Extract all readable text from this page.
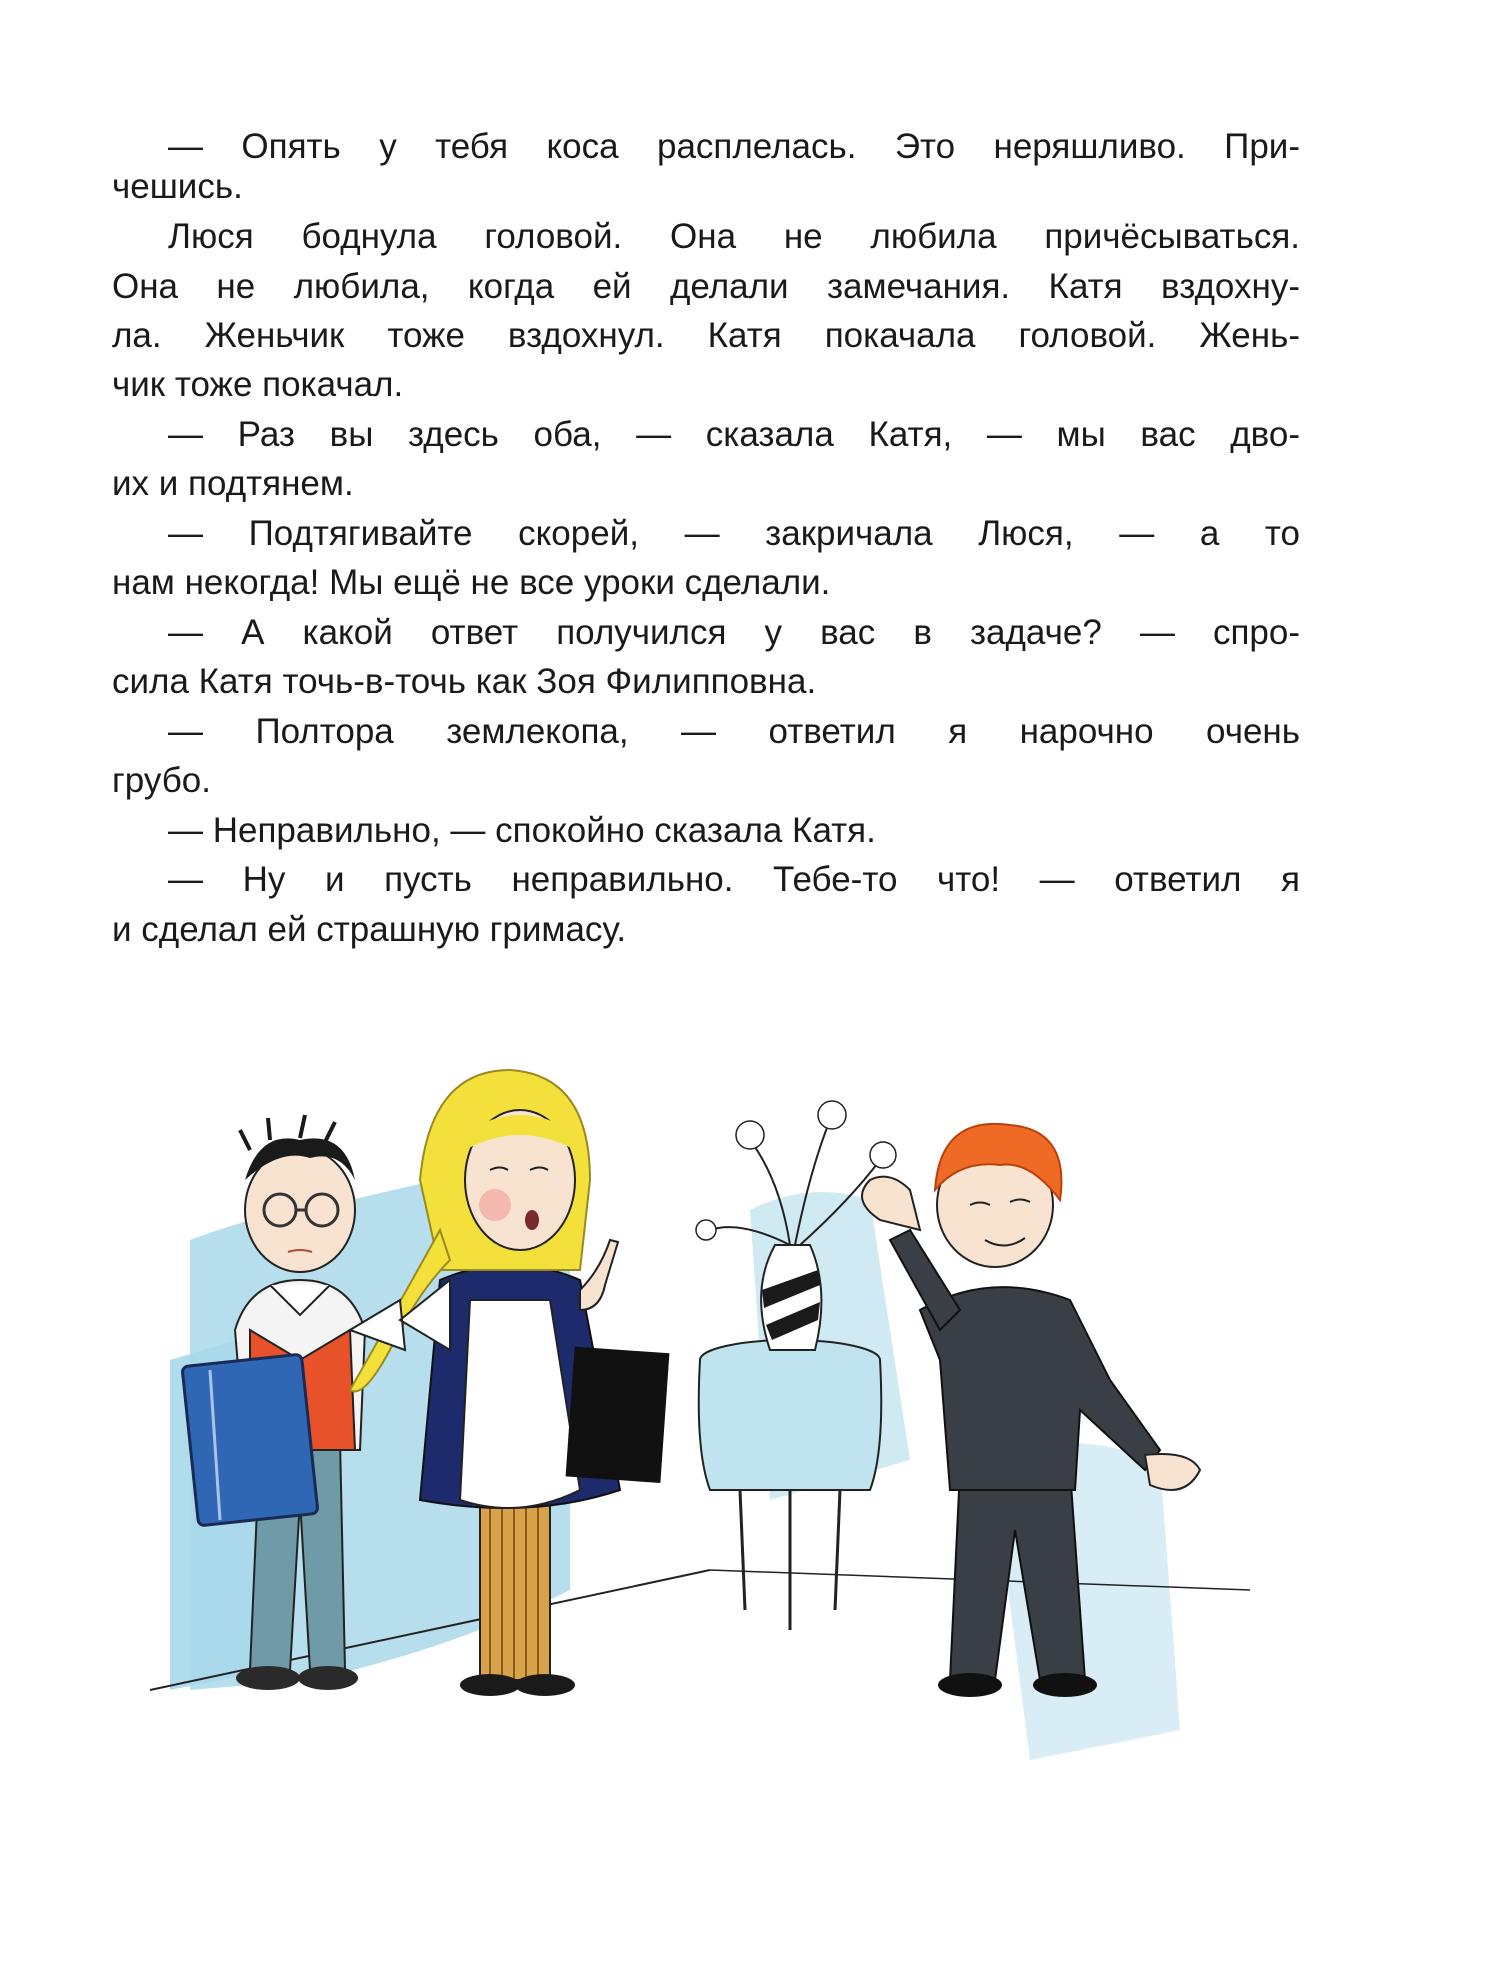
— Опять у тебя коса расплелась. Это неряшливо. При-
чешись.
Люся боднула головой. Она не любила причёсываться.
Она не любила, когда ей делали замечания. Катя вздохну-
ла. Женьчик тоже вздохнул. Катя покачала головой. Жень-
чик тоже покачал.
— Раз вы здесь оба, — сказала Катя, — мы вас дво-
их и подтянем.
— Подтягивайте скорей, — закричала Люся, — а то
нам некогда! Мы ещё не все уроки сделали.
— А какой ответ получился у вас в задаче? — спро-
сила Катя точь-в-точь как Зоя Филипповна.
— Полтора землекопа, — ответил я нарочно очень
грубо.
— Неправильно, — спокойно сказала Катя.
— Ну и пусть неправильно. Тебе-то что! — ответил я
и сделал ей страшную гримасу.
